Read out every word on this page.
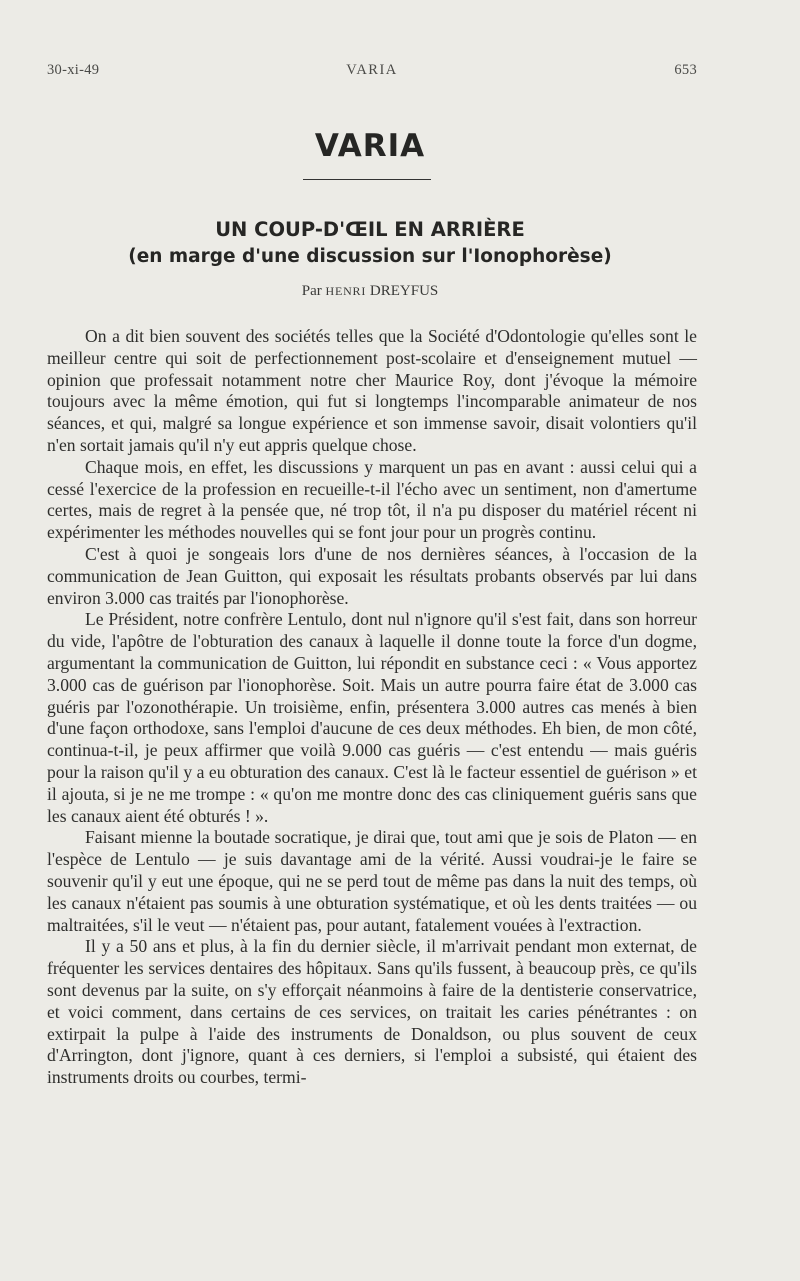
30-xi-49	VARIA	653
VARIA
UN COUP-D'ŒIL EN ARRIÈRE
(en marge d'une discussion sur l'Ionophorèse)
Par HENRI DREYFUS

On a dit bien souvent des sociétés telles que la Société d'Odontologie qu'elles sont le meilleur centre qui soit de perfectionnement post-scolaire et d'enseignement mutuel — opinion que professait notamment notre cher Maurice Roy, dont j'évoque la mémoire toujours avec la même émotion, qui fut si longtemps l'incomparable animateur de nos séances, et qui, malgré sa longue expérience et son immense savoir, disait volontiers qu'il n'en sortait jamais qu'il n'y eut appris quelque chose.

Chaque mois, en effet, les discussions y marquent un pas en avant : aussi celui qui a cessé l'exercice de la profession en recueille-t-il l'écho avec un sentiment, non d'amertume certes, mais de regret à la pensée que, né trop tôt, il n'a pu disposer du matériel récent ni expérimenter les méthodes nouvelles qui se font jour pour un progrès continu.

C'est à quoi je songeais lors d'une de nos dernières séances, à l'occasion de la communication de Jean Guitton, qui exposait les résultats probants observés par lui dans environ 3.000 cas traités par l'ionophorèse.

Le Président, notre confrère Lentulo, dont nul n'ignore qu'il s'est fait, dans son horreur du vide, l'apôtre de l'obturation des canaux à laquelle il donne toute la force d'un dogme, argumentant la communication de Guitton, lui répondit en substance ceci : « Vous apportez 3.000 cas de guérison par l'ionophorèse. Soit. Mais un autre pourra faire état de 3.000 cas guéris par l'ozonothérapie. Un troisième, enfin, présentera 3.000 autres cas menés à bien d'une façon orthodoxe, sans l'emploi d'aucune de ces deux méthodes. Eh bien, de mon côté, continua-t-il, je peux affirmer que voilà 9.000 cas guéris — c'est entendu — mais guéris pour la raison qu'il y a eu obturation des canaux. C'est là le facteur essentiel de guérison » et il ajouta, si je ne me trompe : « qu'on me montre donc des cas cliniquement guéris sans que les canaux aient été obturés ! ».

Faisant mienne la boutade socratique, je dirai que, tout ami que je sois de Platon — en l'espèce de Lentulo — je suis davantage ami de la vérité. Aussi voudrai-je le faire se souvenir qu'il y eut une époque, qui ne se perd tout de même pas dans la nuit des temps, où les canaux n'étaient pas soumis à une obturation systématique, et où les dents traitées — ou maltraitées, s'il le veut — n'étaient pas, pour autant, fatalement vouées à l'extraction.

Il y a 50 ans et plus, à la fin du dernier siècle, il m'arrivait pendant mon externat, de fréquenter les services dentaires des hôpitaux. Sans qu'ils fussent, à beaucoup près, ce qu'ils sont devenus par la suite, on s'y efforçait néanmoins à faire de la dentisterie conservatrice, et voici comment, dans certains de ces services, on traitait les caries pénétrantes : on extirpait la pulpe à l'aide des instruments de Donaldson, ou plus souvent de ceux d'Arrington, dont j'ignore, quant à ces derniers, si l'emploi a subsisté, qui étaient des instruments droits ou courbes, termi-
